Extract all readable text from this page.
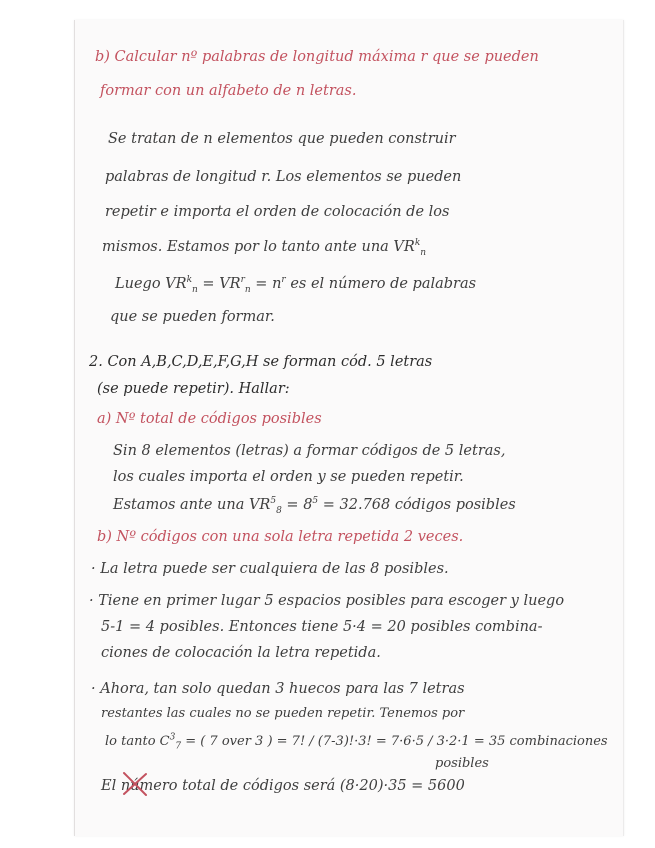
b) Calcular nº palabras de longitud máxima r que se pueden
formar con un alfabeto de n letras.
Se tratan de n elementos que pueden construir
palabras de longitud r. Los elementos se pueden
repetir e importa el orden de colocación de los
mismos. Estamos por lo tanto ante una $VR^k_n$
Luego $VR^k_n = VR^r_n = n^r$ es el número de palabras
que se pueden formar.
2. Con A,B,C,D,E,F,G,H se forman cód. 5 letras
(se puede repetir). Hallar:
a) Nº total de códigos posibles
Sin 8 elementos (letras) a formar códigos de 5 letras,
los cuales importa el orden y se pueden repetir.
Estamos ante una $VR^5_8 = 8^5 = 32.768$ códigos posibles
b) Nº códigos con una sola letra repetida 2 veces.
· La letra puede ser cualquiera de las 8 posibles.
· Tiene en primer lugar 5 espacios posibles para escoger y luego
5-1 = 4 posibles. Entonces tiene 5·4 = 20 posibles combina-
ciones de colocación la letra repetida.
· Ahora, tan solo quedan 3 huecos para las 7 letras
restantes las cuales no se pueden repetir. Tenemos por
lo tanto $C^3_7$ = ( 7 over 3 ) = 7! / (7-3)!·3! = 7·6·5 / 3·2·1 = 35 combinaciones
posibles
El número total de códigos será (8·20)·35 = 5600
